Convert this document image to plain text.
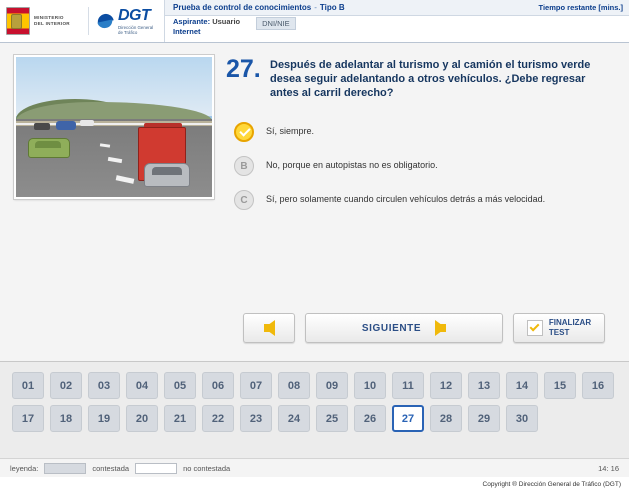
MINISTERIO
DEL INTERIOR	DGT
Dirección General de Tráfico
Prueba de control de conocimientos - Tipo B	Tiempo restante [mins.]
Aspirante: Usuario
Internet
DNI/NIE
27. Después de adelantar al turismo y al camión el turismo verde desea seguir adelantando a otros vehículos. ¿Debe regresar antes al carril derecho?
Sí, siempre.
B	No, porque en autopistas no es obligatorio.
C	Sí, pero solamente cuando circulen vehículos detrás a más velocidad.
SIGUIENTE	FINALIZAR
TEST
01	02	03	04	05	06	07	08	09	10	11	12	13	14	15	16
17	18	19	20	21	22	23	24	25	26	27	28	29	30
leyenda:	contestada	no contestada	14: 16
Copyright ® Dirección General de Tráfico (DGT)
